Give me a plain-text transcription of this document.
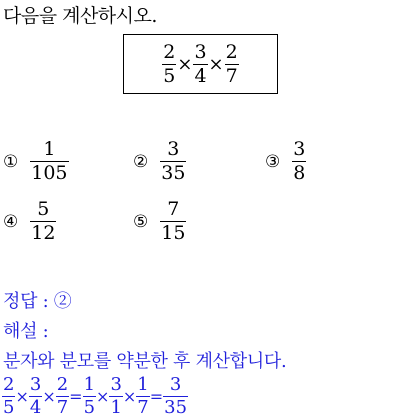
다음을 계산하시오.
$\frac{2}{5} \times \frac{3}{4} \times \frac{2}{7}$
① $\frac{1}{105}$	② $\frac{3}{35}$	③ $\frac{3}{8}$
④ $\frac{5}{12}$	⑤ $\frac{7}{15}$
정답 : ②
해설 :
분자와 분모를 약분한 후 계산합니다.
$\frac{2}{5} \times \frac{3}{4} \times \frac{2}{7} = \frac{1}{5} \times \frac{3}{1} \times \frac{1}{7} = \frac{3}{35}$
